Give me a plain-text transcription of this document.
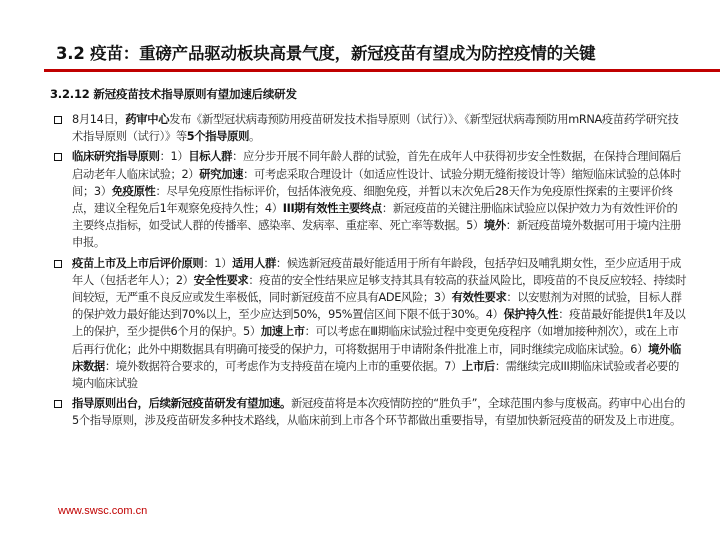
3.2 疫苗：重磅产品驱动板块高景气度，新冠疫苗有望成为防控疫情的关键
3.2.12 新冠疫苗技术指导原则有望加速后续研发
8月14日，药审中心发布《新型冠状病毒预防用疫苗研发技术指导原则（试行）》、《新型冠状病毒预防用mRNA疫苗药学研究技术指导原则（试行）》等5个指导原则。
临床研究指导原则：1）目标人群：应分步开展不同年龄人群的试验，首先在成年人中获得初步安全性数据，在保持合理间隔后启动老年人临床试验；2）研究加速：可考虑采取合理设计（如适应性设计、试验分期无缝衔接设计等）缩短临床试验的总体时间；3）免疫原性：尽早免疫原性指标评价，包括体液免疫、细胞免疫，并暂以末次免后28天作为免疫原性探索的主要评价终点，建议全程免后1年观察免疫持久性；4）III期有效性主要终点：新冠疫苗的关键注册临床试验应以保护效力为有效性评价的主要终点指标，如受试人群的传播率、感染率、发病率、重症率、死亡率等数据。5）境外：新冠疫苗境外数据可用于境内注册申报。
疫苗上市及上市后评价原则：1）适用人群：候选新冠疫苗最好能适用于所有年龄段，包括孕妇及哺乳期女性，至少应适用于成年人（包括老年人）；2）安全性要求：疫苗的安全性结果应足够支持其具有较高的获益风险比，即疫苗的不良反应较轻、持续时间较短，无严重不良反应或发生率极低，同时新冠疫苗不应具有ADE风险；3）有效性要求：以安慰剂为对照的试验，目标人群的保护效力最好能达到70%以上，至少应达到50%，95%置信区间下限不低于30%。4）保护持久性：疫苗最好能提供1年及以上的保护，至少提供6个月的保护。5）加速上市：可以考虑在Ⅲ期临床试验过程中变更免疫程序（如增加接种剂次），或在上市后再行优化；此外中期数据具有明确可接受的保护力，可将数据用于申请附条件批准上市，同时继续完成临床试验。6）境外临床数据：境外数据符合要求的，可考虑作为支持疫苗在境内上市的重要依据。7）上市后：需继续完成III期临床试验或者必要的境内临床试验
指导原则出台，后续新冠疫苗研发有望加速。新冠疫苗将是本次疫情防控的“胜负手”，全球范围内参与度极高。药审中心出台的5个指导原则，涉及疫苗研发多种技术路线，从临床前到上市各个环节都做出重要指导，有望加快新冠疫苗的研发及上市进度。
www.swsc.com.cn
